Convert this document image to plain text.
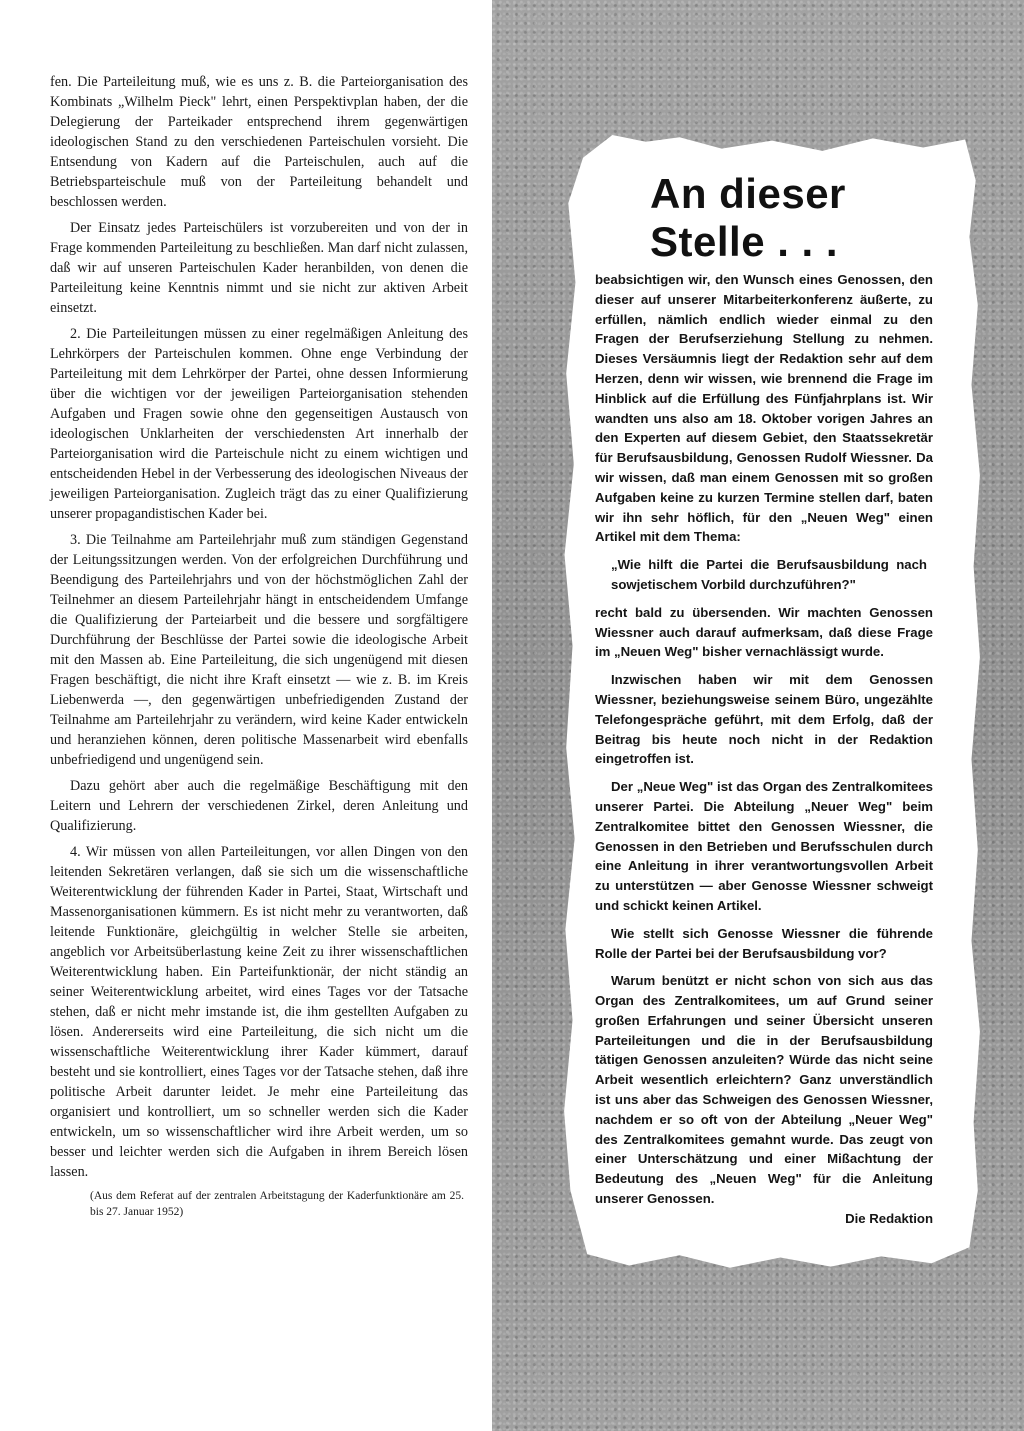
fen. Die Parteileitung muß, wie es uns z. B. die Parteiorganisation des Kombinats „Wilhelm Pieck" lehrt, einen Perspektivplan haben, der die Delegierung der Parteikader entsprechend ihrem gegenwärtigen ideologischen Stand zu den verschiedenen Parteischulen vorsieht. Die Entsendung von Kadern auf die Parteischulen, auch auf die Betriebsparteischule muß von der Parteileitung behandelt und beschlossen werden.

Der Einsatz jedes Parteischülers ist vorzubereiten und von der in Frage kommenden Parteileitung zu beschließen. Man darf nicht zulassen, daß wir auf unseren Parteischulen Kader heranbilden, von denen die Parteileitung keine Kenntnis nimmt und sie nicht zur aktiven Arbeit einsetzt.

2. Die Parteileitungen müssen zu einer regelmäßigen Anleitung des Lehrkörpers der Parteischulen kommen. Ohne enge Verbindung der Parteileitung mit dem Lehrkörper der Partei, ohne dessen Informierung über die wichtigen vor der jeweiligen Parteiorganisation stehenden Aufgaben und Fragen sowie ohne den gegenseitigen Austausch von ideologischen Unklarheiten der verschiedensten Art innerhalb der Parteiorganisation wird die Parteischule nicht zu einem wichtigen und entscheidenden Hebel in der Verbesserung des ideologischen Niveaus der jeweiligen Parteiorganisation. Zugleich trägt das zu einer Qualifizierung unserer propagandistischen Kader bei.

3. Die Teilnahme am Parteilehrjahr muß zum ständigen Gegenstand der Leitungssitzungen werden. Von der erfolgreichen Durchführung und Beendigung des Parteilehrjahrs und von der höchstmöglichen Zahl der Teilnehmer an diesem Parteilehrjahr hängt in entscheidendem Umfange die Qualifizierung der Parteiarbeit und die bessere und sorgfältigere Durchführung der Beschlüsse der Partei sowie die ideologische Arbeit mit den Massen ab. Eine Parteileitung, die sich ungenügend mit diesen Fragen beschäftigt, die nicht ihre Kraft einsetzt — wie z. B. im Kreis Liebenwerda —, den gegenwärtigen unbefriedigenden Zustand der Teilnahme am Parteilehrjahr zu verändern, wird keine Kader entwickeln und heranziehen können, deren politische Massenarbeit wird ebenfalls unbefriedigend und ungenügend sein.

Dazu gehört aber auch die regelmäßige Beschäftigung mit den Leitern und Lehrern der verschiedenen Zirkel, deren Anleitung und Qualifizierung.

4. Wir müssen von allen Parteileitungen, vor allen Dingen von den leitenden Sekretären verlangen, daß sie sich um die wissenschaftliche Weiterentwicklung der führenden Kader in Partei, Staat, Wirtschaft und Massenorganisationen kümmern. Es ist nicht mehr zu verantworten, daß leitende Funktionäre, gleichgültig in welcher Stelle sie arbeiten, angeblich vor Arbeitsüberlastung keine Zeit zu ihrer wissenschaftlichen Weiterentwicklung haben. Ein Parteifunktionär, der nicht ständig an seiner Weiterentwicklung arbeitet, wird eines Tages vor der Tatsache stehen, daß er nicht mehr imstande ist, die ihm gestellten Aufgaben zu lösen. Andererseits wird eine Parteileitung, die sich nicht um die wissenschaftliche Weiterentwicklung ihrer Kader kümmert, darauf besteht und sie kontrolliert, eines Tages vor der Tatsache stehen, daß ihre politische Arbeit darunter leidet. Je mehr eine Parteileitung das organisiert und kontrolliert, um so schneller werden sich die Kader entwickeln, um so wissenschaftlicher wird ihre Arbeit werden, um so besser und leichter werden sich die Aufgaben in ihrem Bereich lösen lassen.

(Aus dem Referat auf der zentralen Arbeitstagung der Kaderfunktionäre am 25. bis 27. Januar 1952)

An dieser
Stelle . . .

beabsichtigen wir, den Wunsch eines Genossen, den dieser auf unserer Mitarbeiterkonferenz äußerte, zu erfüllen, nämlich endlich wieder einmal zu den Fragen der Berufserziehung Stellung zu nehmen. Dieses Versäumnis liegt der Redaktion sehr auf dem Herzen, denn wir wissen, wie brennend die Frage im Hinblick auf die Erfüllung des Fünfjahrplans ist. Wir wandten uns also am 18. Oktober vorigen Jahres an den Experten auf diesem Gebiet, den Staatssekretär für Berufsausbildung, Genossen Rudolf Wiessner. Da wir wissen, daß man einem Genossen mit so großen Aufgaben keine zu kurzen Termine stellen darf, baten wir ihn sehr höflich, für den „Neuen Weg" einen Artikel mit dem Thema:

„Wie hilft die Partei die Berufsausbildung nach sowjetischem Vorbild durchzuführen?"

recht bald zu übersenden. Wir machten Genossen Wiessner auch darauf aufmerksam, daß diese Frage im „Neuen Weg" bisher vernachlässigt wurde.

Inzwischen haben wir mit dem Genossen Wiessner, beziehungsweise seinem Büro, ungezählte Telefongespräche geführt, mit dem Erfolg, daß der Beitrag bis heute noch nicht in der Redaktion eingetroffen ist.

Der „Neue Weg" ist das Organ des Zentralkomitees unserer Partei. Die Abteilung „Neuer Weg" beim Zentralkomitee bittet den Genossen Wiessner, die Genossen in den Betrieben und Berufsschulen durch eine Anleitung in ihrer verantwortungsvollen Arbeit zu unterstützen — aber Genosse Wiessner schweigt und schickt keinen Artikel.

Wie stellt sich Genosse Wiessner die führende Rolle der Partei bei der Berufsausbildung vor?

Warum benützt er nicht schon von sich aus das Organ des Zentralkomitees, um auf Grund seiner großen Erfahrungen und seiner Übersicht unseren Parteileitungen und die in der Berufsausbildung tätigen Genossen anzuleiten? Würde das nicht seine Arbeit wesentlich erleichtern? Ganz unverständlich ist uns aber das Schweigen des Genossen Wiessner, nachdem er so oft von der Abteilung „Neuer Weg" des Zentralkomitees gemahnt wurde. Das zeugt von einer Unterschätzung und einer Mißachtung der Bedeutung des „Neuen Weg" für die Anleitung unserer Genossen.

Die Redaktion
